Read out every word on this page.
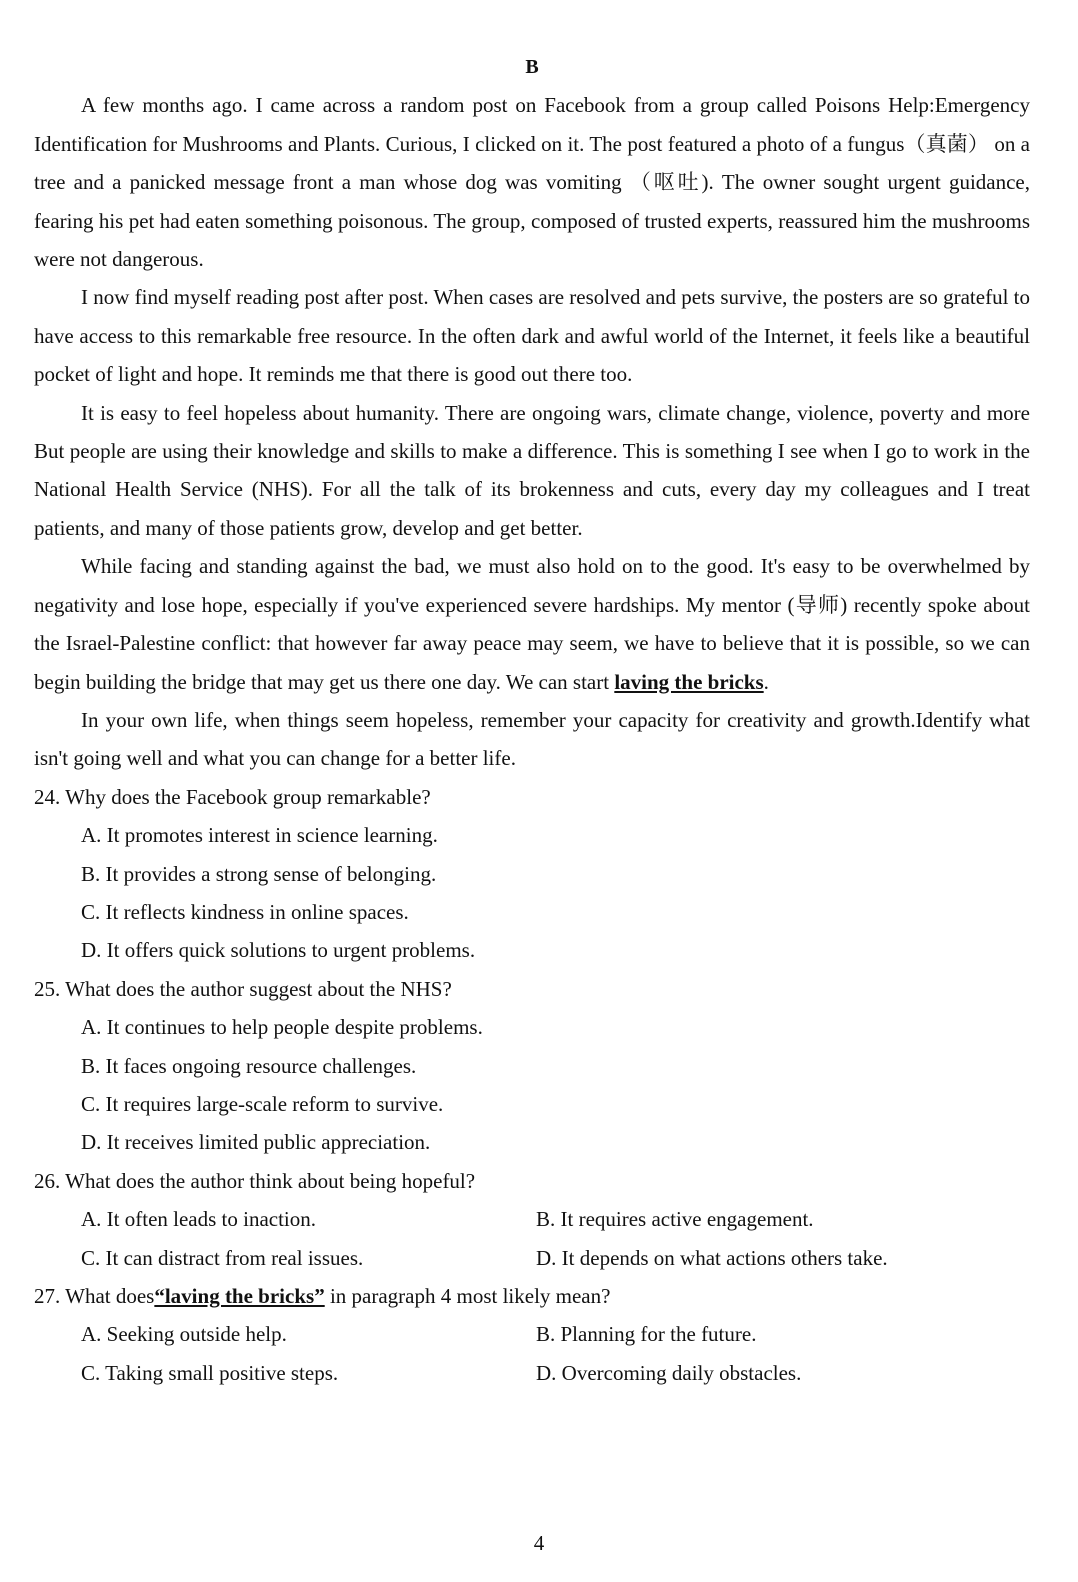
B

A few months ago. I came across a random post on Facebook from a group called Poisons Help:Emergency Identification for Mushrooms and Plants. Curious, I clicked on it. The post featured a photo of a fungus（真菌） on a tree and a panicked message front a man whose dog was vomiting （呕吐). The owner sought urgent guidance, fearing his pet had eaten something poisonous. The group, composed of trusted experts, reassured him the mushrooms were not dangerous.

I now find myself reading post after post. When cases are resolved and pets survive, the posters are so grateful to have access to this remarkable free resource. In the often dark and awful world of the Internet, it feels like a beautiful pocket of light and hope. It reminds me that there is good out there too.

It is easy to feel hopeless about humanity. There are ongoing wars, climate change, violence, poverty and more But people are using their knowledge and skills to make a difference. This is something I see when I go to work in the National Health Service (NHS). For all the talk of its brokenness and cuts, every day my colleagues and I treat patients, and many of those patients grow, develop and get better.

While facing and standing against the bad, we must also hold on to the good. It's easy to be overwhelmed by negativity and lose hope, especially if you've experienced severe hardships. My mentor (导师) recently spoke about the Israel-Palestine conflict: that however far away peace may seem, we have to believe that it is possible, so we can begin building the bridge that may get us there one day. We can start laving the bricks.

In your own life, when things seem hopeless, remember your capacity for creativity and growth.Identify what isn't going well and what you can change for a better life.

24. Why does the Facebook group remarkable?

A. It promotes interest in science learning.
B. It provides a strong sense of belonging.
C. It reflects kindness in online spaces.
D. It offers quick solutions to urgent problems.

25. What does the author suggest about the NHS?

A. It continues to help people despite problems.
B. It faces ongoing resource challenges.
C. It requires large-scale reform to survive.
D. It receives limited public appreciation.

26. What does the author think about being hopeful?

A. It often leads to inaction.	B. It requires active engagement.
C. It can distract from real issues.	D. It depends on what actions others take.

27. What does“laving the bricks” in paragraph 4 most likely mean?

A. Seeking outside help.	B. Planning for the future.
C. Taking small positive steps.	D. Overcoming daily obstacles.
4
